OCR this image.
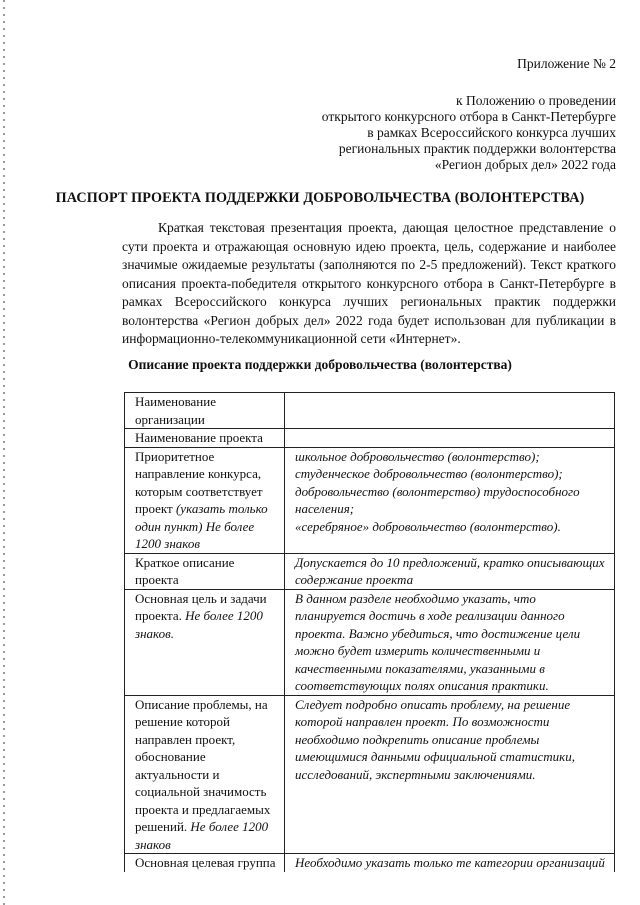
Приложение № 2
к Положению о проведении
открытого конкурсного отбора в Санкт-Петербурге
в рамках Всероссийского конкурса лучших
региональных практик поддержки волонтерства
«Регион добрых дел» 2022 года
ПАСПОРТ ПРОЕКТА ПОДДЕРЖКИ ДОБРОВОЛЬЧЕСТВА (ВОЛОНТЕРСТВА)

Краткая текстовая презентация проекта, дающая целостное представление о сути проекта и отражающая основную идею проекта, цель, содержание и наиболее значимые ожидаемые результаты (заполняются по 2-5 предложений). Текст краткого описания проекта-победителя открытого конкурсного отбора в Санкт-Петербурге в рамках Всероссийского конкурса лучших региональных практик поддержки волонтерства «Регион добрых дел» 2022 года будет использован для публикации в информационно-телекоммуникационной сети «Интернет».

Описание проекта поддержки добровольчества (волонтерства)
Наименование организации
Наименование проекта
Приоритетное направление конкурса, которым соответствует проект (указать только один пункт) Не более 1200 знаков
школьное добровольчество (волонтерство);
студенческое добровольчество (волонтерство);
добровольчество (волонтерство) трудоспособного населения;
«серебряное» добровольчество (волонтерство).
Краткое описание проекта
Допускается до 10 предложений, кратко описывающих содержание проекта
Основная цель и задачи проекта. Не более 1200 знаков.
В данном разделе необходимо указать, что планируется достичь в ходе реализации данного проекта. Важно убедиться, что достижение цели можно будет измерить количественными и качественными показателями, указанными в соответствующих полях описания практики.
Описание проблемы, на решение которой направлен проект, обоснование актуальности и социальной значимость проекта и предлагаемых решений. Не более 1200 знаков
Следует подробно описать проблему, на решение которой направлен проект. По возможности необходимо подкрепить описание проблемы имеющимися данными официальной статистики, исследований, экспертными заключениями.
Основная целевая группа	Необходимо указать только те категории организаций
